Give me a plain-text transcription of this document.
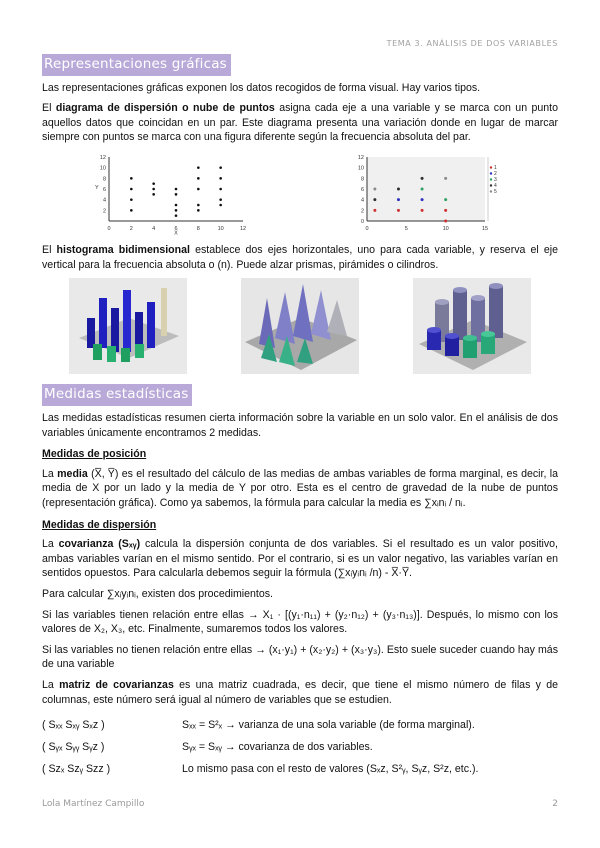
TEMA 3. ANÁLISIS DE DOS VARIABLES
Representaciones gráficas

Las representaciones gráficas exponen los datos recogidos de forma visual. Hay varios tipos.

El diagrama de dispersión o nube de puntos asigna cada eje a una variable y se marca con un punto aquellos datos que coincidan en un par. Este diagrama presenta una variación donde en lugar de marcar siempre con puntos se marca con una figura diferente según la frecuencia absoluta del par.

0	2	4	6	8	10	12
2
4
6
8
10
12
X
Y
0	5	10	15
0
2
4
6
8
10
12
1
2
3
4
5

El histograma bidimensional establece dos ejes horizontales, uno para cada variable, y reserva el eje vertical para la frecuencia absoluta o (n). Puede alzar prismas, pirámides o cilindros.

Medidas estadísticas

Las medidas estadísticas resumen cierta información sobre la variable en un solo valor. En el análisis de dos variables únicamente encontramos 2 medidas.

Medidas de posición

La media (X̅, Y̅) es el resultado del cálculo de las medias de ambas variables de forma marginal, es decir, la media de X por un lado y la media de Y por otro. Esta es el centro de gravedad de la nube de puntos (representación gráfica). Como ya sabemos, la fórmula para calcular la media es ∑xᵢnᵢ / nᵢ.

Medidas de dispersión

La covarianza (Sₓᵧ) calcula la dispersión conjunta de dos variables. Si el resultado es un valor positivo, ambas variables varían en el mismo sentido. Por el contrario, si es un valor negativo, las variables varían en sentidos opuestos. Para calcularla debemos seguir la fórmula (∑xᵢyᵢnᵢ /n) - X̅·Y̅.

Para calcular ∑xᵢyᵢnᵢ, existen dos procedimientos.

Si las variables tienen relación entre ellas → X₁ · [(y₁·n₁₁) + (y₂·n₁₂) + (y₃·n₁₃)]. Después, lo mismo con los valores de X₂, X₃, etc. Finalmente, sumaremos todos los valores.

Si las variables no tienen relación entre ellas → (x₁·y₁) + (x₂·y₂) + (x₃·y₃). Esto suele suceder cuando hay más de una variable

La matriz de covarianzas es una matriz cuadrada, es decir, que tiene el mismo número de filas y de columnas, este número será igual al número de variables que se estudien.

( Sₓₓ Sₓᵧ Sₓz )	Sₓₓ = S²ₓ → varianza de una sola variable (de forma marginal).
( Sᵧₓ Sᵧᵧ Sᵧz )	Sᵧₓ = Sₓᵧ → covarianza de dos variables.
( Szₓ Szᵧ Szz )	Lo mismo pasa con el resto de valores (Sₓz, S²ᵧ, Sᵧz, S²z, etc.).
Lola Martínez Campillo	2
